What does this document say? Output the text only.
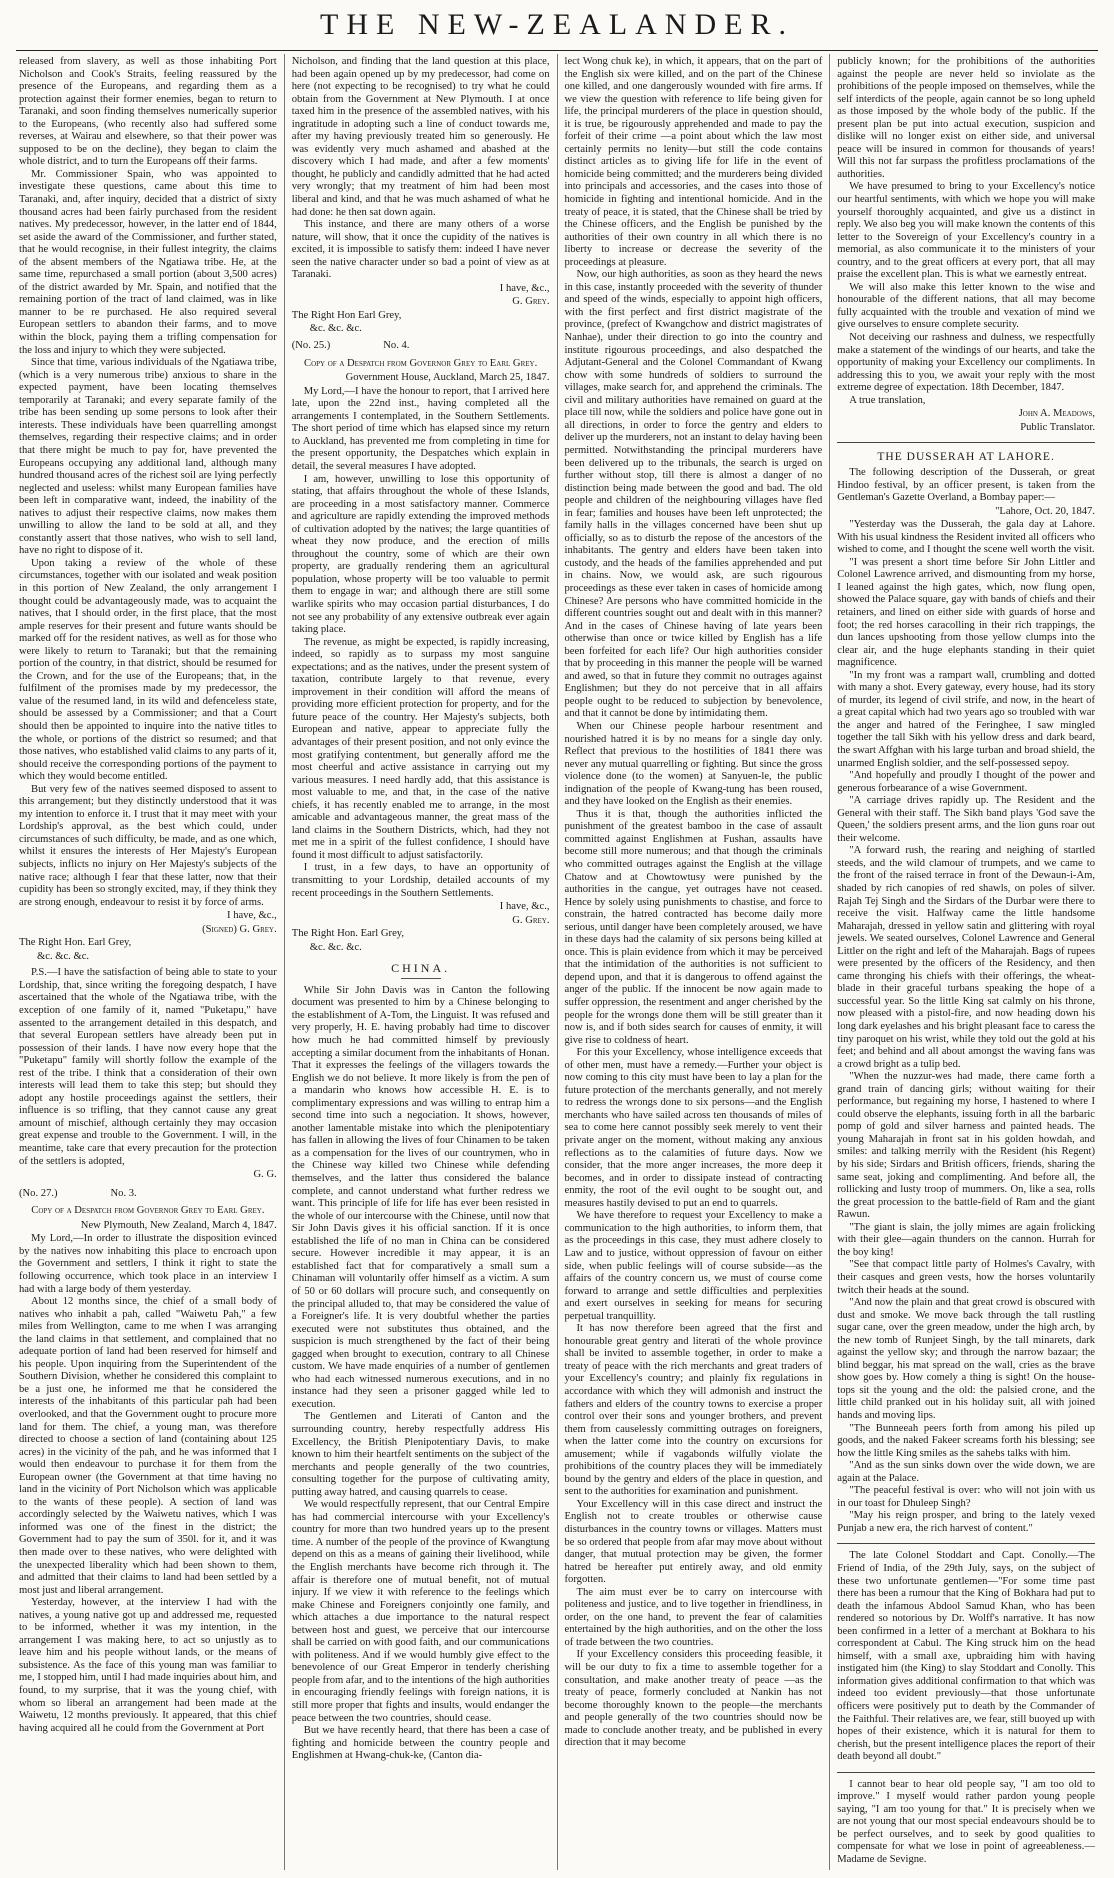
THE NEW-ZEALANDER.

released from slavery, as well as those inhabiting Port Nicholson and Cook's Straits, feeling reassured by the presence of the Europeans, and regarding them as a protection against their former enemies, began to return to Taranaki, and soon finding themselves numerically superior to the Europeans, (who recently also had suffered some reverses, at Wairau and elsewhere, so that their power was supposed to be on the decline), they began to claim the whole district, and to turn the Europeans off their farms.

Mr. Commissioner Spain, who was appointed to investigate these questions, came about this time to Taranaki, and, after inquiry, decided that a district of sixty thousand acres had been fairly purchased from the resident natives. My predecessor, however, in the latter end of 1844, set aside the award of the Commissioner, and further stated, that he would recognise, in their fullest integrity, the claims of the absent members of the Ngatiawa tribe. He, at the same time, repurchased a small portion (about 3,500 acres) of the district awarded by Mr. Spain, and notified that the remaining portion of the tract of land claimed, was in like manner to be re purchased. He also required several European settlers to abandon their farms, and to move within the block, paying them a trifling compensation for the loss and injury to which they were subjected.

Since that time, various individuals of the Ngatiawa tribe, (which is a very numerous tribe) anxious to share in the expected payment, have been locating themselves temporarily at Taranaki; and every separate family of the tribe has been sending up some persons to look after their interests. These individuals have been quarrelling amongst themselves, regarding their respective claims; and in order that there might be much to pay for, have prevented the Europeans occupying any additional land, although many hundred thousand acres of the richest soil are lying perfectly neglected and useless: whilst many European families have been left in comparative want, indeed, the inability of the natives to adjust their respective claims, now makes them unwilling to allow the land to be sold at all, and they constantly assert that those natives, who wish to sell land, have no right to dispose of it.

Upon taking a review of the whole of these circumstances, together with our isolated and weak position in this portion of New Zealand, the only arrangement I thought could be advantageously made, was to acquaint the natives, that I should order, in the first place, that the most ample reserves for their present and future wants should be marked off for the resident natives, as well as for those who were likely to return to Taranaki; but that the remaining portion of the country, in that district, should be resumed for the Crown, and for the use of the Europeans; that, in the fulfilment of the promises made by my predecessor, the value of the resumed land, in its wild and defenceless state, should be assessed by a Commissioner; and that a Court should then be appointed to inquire into the native titles to the whole, or portions of the district so resumed; and that those natives, who established valid claims to any parts of it, should receive the corresponding portions of the payment to which they would become entitled.

But very few of the natives seemed disposed to assent to this arrangement; but they distinctly understood that it was my intention to enforce it. I trust that it may meet with your Lordship's approval, as the best which could, under circumstances of such difficulty, be made, and as one which, whilst it ensures the interests of Her Majesty's European subjects, inflicts no injury on Her Majesty's subjects of the native race; although I fear that these latter, now that their cupidity has been so strongly excited, may, if they think they are strong enough, endeavour to resist it by force of arms.

I have, &c.,
(Signed) G. Grey.
The Right Hon. Earl Grey,
&c. &c. &c.

P.S.—I have the satisfaction of being able to state to your Lordship, that, since writing the foregoing despatch, I have ascertained that the whole of the Ngatiawa tribe, with the exception of one family of it, named "Puketapu," have assented to the arrangement detailed in this despatch, and that several European settlers have already been put in possession of their lands. I have now every hope that the "Puketapu" family will shortly follow the example of the rest of the tribe. I think that a consideration of their own interests will lead them to take this step; but should they adopt any hostile proceedings against the settlers, their influence is so trifling, that they cannot cause any great amount of mischief, although certainly they may occasion great expense and trouble to the Government. I will, in the meantime, take care that every precaution for the protection of the settlers is adopted,

G. G.
(No. 27.)                    No. 3.
Copy of a Despatch from Governor Grey to Earl Grey.
New Plymouth, New Zealand, March 4, 1847.

My Lord,—In order to illustrate the disposition evinced by the natives now inhabiting this place to encroach upon the Government and settlers, I think it right to state the following occurrence, which took place in an interview I had with a large body of them yesterday.

About 12 months since, the chief of a small body of natives who inhabit a pah, called "Waiwetu Pah," a few miles from Wellington, came to me when I was arranging the land claims in that settlement, and complained that no adequate portion of land had been reserved for himself and his people. Upon inquiring from the Superintendent of the Southern Division, whether he considered this complaint to be a just one, he informed me that he considered the interests of the inhabitants of this particular pah had been overlooked, and that the Government ought to procure more land for them. The chief, a young man, was therefore directed to choose a section of land (containing about 125 acres) in the vicinity of the pah, and he was informed that I would then endeavour to purchase it for them from the European owner (the Government at that time having no land in the vicinity of Port Nicholson which was applicable to the wants of these people). A section of land was accordingly selected by the Waiwetu natives, which I was informed was one of the finest in the district; the Government had to pay the sum of 350l. for it, and it was then made over to these natives, who were delighted with the unexpected liberality which had been shown to them, and admitted that their claims to land had been settled by a most just and liberal arrangement.

Yesterday, however, at the interview I had with the natives, a young native got up and addressed me, requested to be informed, whether it was my intention, in the arrangement I was making here, to act so unjustly as to leave him and his people without lands, or the means of subsistence. As the face of this young man was familiar to me, I stopped him, until I had made inquiries about him, and found, to my surprise, that it was the young chief, with whom so liberal an arrangement had been made at the Waiwetu, 12 months previously. It appeared, that this chief having acquired all he could from the Government at Port

Nicholson, and finding that the land question at this place, had been again opened up by my predecessor, had come on here (not expecting to be recognised) to try what he could obtain from the Government at New Plymouth. I at once taxed him in the presence of the assembled natives, with his ingratitude in adopting such a line of conduct towards me, after my having previously treated him so generously. He was evidently very much ashamed and abashed at the discovery which I had made, and after a few moments' thought, he publicly and candidly admitted that he had acted very wrongly; that my treatment of him had been most liberal and kind, and that he was much ashamed of what he had done: he then sat down again.

This instance, and there are many others of a worse nature, will show, that it once the cupidity of the natives is excited, it is impossible to satisfy them: indeed I have never seen the native character under so bad a point of view as at Taranaki.

I have, &c.,
G. Grey.
The Right Hon Earl Grey,
&c. &c. &c.
(No. 25.)                    No. 4.
Copy of a Despatch from Governor Grey to Earl Grey.
Government House, Auckland, March 25, 1847.

My Lord,—I have the honour to report, that I arrived here late, upon the 22nd inst., having completed all the arrangements I contemplated, in the Southern Settlements. The short period of time which has elapsed since my return to Auckland, has prevented me from completing in time for the present opportunity, the Despatches which explain in detail, the several measures I have adopted.

I am, however, unwilling to lose this opportunity of stating, that affairs throughout the whole of these Islands, are proceeding in a most satisfactory manner. Commerce and agriculture are rapidly extending the improved methods of cultivation adopted by the natives; the large quantities of wheat they now produce, and the erection of mills throughout the country, some of which are their own property, are gradually rendering them an agricultural population, whose property will be too valuable to permit them to engage in war; and although there are still some warlike spirits who may occasion partial disturbances, I do not see any probability of any extensive outbreak ever again taking place.

The revenue, as might be expected, is rapidly increasing, indeed, so rapidly as to surpass my most sanguine expectations; and as the natives, under the present system of taxation, contribute largely to that revenue, every improvement in their condition will afford the means of providing more efficient protection for property, and for the future peace of the country. Her Majesty's subjects, both European and native, appear to appreciate fully the advantages of their present position, and not only evince the most gratifying contentment, but generally afford me the most cheerful and active assistance in carrying out my various measures. I need hardly add, that this assistance is most valuable to me, and that, in the case of the native chiefs, it has recently enabled me to arrange, in the most amicable and advantageous manner, the great mass of the land claims in the Southern Districts, which, had they not met me in a spirit of the fullest confidence, I should have found it most difficult to adjust satisfactorily.

I trust, in a few days, to have an opportunity of transmitting to your Lordship, detailed accounts of my recent proceedings in the Southern Settlements.

I have, &c.,
G. Grey.
The Right Hon. Earl Grey,
&c. &c. &c.
CHINA.

While Sir John Davis was in Canton the following document was presented to him by a Chinese belonging to the establishment of A-Tom, the Linguist. It was refused and very properly, H. E. having probably had time to discover how much he had committed himself by previously accepting a similar document from the inhabitants of Honan. That it expresses the feelings of the villagers towards the English we do not believe. It more likely is from the pen of a mandarin who knows how accessible H. E. is to complimentary expressions and was willing to entrap him a second time into such a negociation. It shows, however, another lamentable mistake into which the plenipotentiary has fallen in allowing the lives of four Chinamen to be taken as a compensation for the lives of our countrymen, who in the Chinese way killed two Chinese while defending themselves, and the latter thus considered the balance complete, and cannot understand what further redress we want. This principle of life for life has ever been resisted in the whole of our intercourse with the Chinese, until now that Sir John Davis gives it his official sanction. If it is once established the life of no man in China can be considered secure. However incredible it may appear, it is an established fact that for comparatively a small sum a Chinaman will voluntarily offer himself as a victim. A sum of 50 or 60 dollars will procure such, and consequently on the principal alluded to, that may be considered the value of a Foreigner's life. It is very doubtful whether the parties executed were not substitutes thus obtained, and the suspicion is much strengthened by the fact of their being gagged when brought to execution, contrary to all Chinese custom. We have made enquiries of a number of gentlemen who had each witnessed numerous executions, and in no instance had they seen a prisoner gagged while led to execution.

The Gentlemen and Literati of Canton and the surrounding country, hereby respectfully address His Excellency, the British Plenipotentiary Davis, to make known to him their heartfelt sentiments on the subject of the merchants and people generally of the two countries, consulting together for the purpose of cultivating amity, putting away hatred, and causing quarrels to cease.

We would respectfully represent, that our Central Empire has had commercial intercourse with your Excellency's country for more than two hundred years up to the present time. A number of the people of the province of Kwangtung depend on this as a means of gaining their livelihood, while the English merchants have become rich through it. The affair is therefore one of mutual benefit, not of mutual injury. If we view it with reference to the feelings which make Chinese and Foreigners conjointly one family, and which attaches a due importance to the natural respect between host and guest, we perceive that our intercourse shall be carried on with good faith, and our communications with politeness. And if we would humbly give effect to the benevolence of our Great Emperor in tenderly cherishing people from afar, and to the intentions of the high authorities in encouraging friendly feelings with foreign nations, it is still more proper that fights and insults, would endanger the peace between the two countries, should cease.

But we have recently heard, that there has been a case of fighting and homicide between the country people and Englishmen at Hwang-chuk-ke, (Canton dia-

lect Wong chuk ke), in which, it appears, that on the part of the English six were killed, and on the part of the Chinese one killed, and one dangerously wounded with fire arms. If we view the question with reference to life being given for life, the principal murderers of the place in question should, it is true, be rigourously apprehended and made to pay the forfeit of their crime —a point about which the law most certainly permits no lenity—but still the code contains distinct articles as to giving life for life in the event of homicide being committed; and the murderers being divided into principals and accessories, and the cases into those of homicide in fighting and intentional homicide. And in the treaty of peace, it is stated, that the Chinese shall be tried by the Chinese officers, and the English be punished by the authorities of their own country in all which there is no liberty to increase or decrease the severity of the proceedings at pleasure.

Now, our high authorities, as soon as they heard the news in this case, instantly proceeded with the severity of thunder and speed of the winds, especially to appoint high officers, with the first perfect and first district magistrate of the province, (prefect of Kwangchow and district magistrates of Nanhae), under their direction to go into the country and institute rigourous proceedings, and also despatched the Adjutant-General and the Colonel Commandant of Kwang chow with some hundreds of soldiers to surround the villages, make search for, and apprehend the criminals. The civil and military authorities have remained on guard at the place till now, while the soldiers and police have gone out in all directions, in order to force the gentry and elders to deliver up the murderers, not an instant to delay having been permitted. Notwithstanding the principal murderers have been delivered up to the tribunals, the search is urged on further without stop, till there is almost a danger of no distinction being made between the good and bad. The old people and children of the neighbouring villages have fled in fear; families and houses have been left unprotected; the family halls in the villages concerned have been shut up officially, so as to disturb the repose of the ancestors of the inhabitants. The gentry and elders have been taken into custody, and the heads of the families apprehended and put in chains. Now, we would ask, are such rigourous proceedings as these ever taken in cases of homicide among Chinese? Are persons who have committed homicide in the different countries sought out and dealt with in this manner? And in the cases of Chinese having of late years been otherwise than once or twice killed by English has a life been forfeited for each life? Our high authorities consider that by proceeding in this manner the people will be warned and awed, so that in future they commit no outrages against Englishmen; but they do not perceive that in all affairs people ought to be reduced to subjection by benevolence, and that it cannot be done by intimidating them.

When our Chinese people harbour resentment and nourished hatred it is by no means for a single day only. Reflect that previous to the hostilities of 1841 there was never any mutual quarrelling or fighting. But since the gross violence done (to the women) at Sanyuen-le, the public indignation of the people of Kwang-tung has been roused, and they have looked on the English as their enemies.

Thus it is that, though the authorities inflicted the punishment of the greatest bamboo in the case of assault committed against Englishmen at Fushan, assaults have become still more numerous; and that though the criminals who committed outrages against the English at the village Chatow and at Chowtowtusy were punished by the authorities in the cangue, yet outrages have not ceased. Hence by solely using punishments to chastise, and force to constrain, the hatred contracted has become daily more serious, until danger have been completely aroused, we have in these days had the calamity of six persons being killed at once. This is plain evidence from which it may be perceived that the intimidation of the authorities is not sufficient to depend upon, and that it is dangerous to offend against the anger of the public. If the innocent be now again made to suffer oppression, the resentment and anger cherished by the people for the wrongs done them will be still greater than it now is, and if both sides search for causes of enmity, it will give rise to coldness of heart.

For this your Excellency, whose intelligence exceeds that of other men, must have a remedy.—Further your object is now coming to this city must have been to lay a plan for the future protection of the merchants generally, and not merely to redress the wrongs done to six persons—and the English merchants who have sailed across ten thousands of miles of sea to come here cannot possibly seek merely to vent their private anger on the moment, without making any anxious reflections as to the calamities of future days. Now we consider, that the more anger increases, the more deep it becomes, and in order to dissipate instead of contracting enmity, the root of the evil ought to be sought out, and measures hastily devised to put an end to quarrels.

We have therefore to request your Excellency to make a communication to the high authorities, to inform them, that as the proceedings in this case, they must adhere closely to Law and to justice, without oppression of favour on either side, when public feelings will of course subside—as the affairs of the country concern us, we must of course come forward to arrange and settle difficulties and perplexities and exert ourselves in seeking for means for securing perpetual tranquillity.

It has now therefore been agreed that the first and honourable great gentry and literati of the whole province shall be invited to assemble together, in order to make a treaty of peace with the rich merchants and great traders of your Excellency's country; and plainly fix regulations in accordance with which they will admonish and instruct the fathers and elders of the country towns to exercise a proper control over their sons and younger brothers, and prevent them from causelessly committing outrages on foreigners, when the latter come into the country on excursions for amusement; while if vagabonds wilfully violate the prohibitions of the country places they will be immediately bound by the gentry and elders of the place in question, and sent to the authorities for examination and punishment.

Your Excellency will in this case direct and instruct the English not to create troubles or otherwise cause disturbances in the country towns or villages. Matters must be so ordered that people from afar may move about without danger, that mutual protection may be given, the former hatred be hereafter put entirely away, and old enmity forgotten.

The aim must ever be to carry on intercourse with politeness and justice, and to live together in friendliness, in order, on the one hand, to prevent the fear of calamities entertained by the high authorities, and on the other the loss of trade between the two countries.

If your Excellency considers this proceeding feasible, it will be our duty to fix a time to assemble together for a consultation, and make another treaty of peace —as the treaty of peace, formerly concluded at Nankin has not become thoroughly known to the people—the merchants and people generally of the two countries should now be made to conclude another treaty, and be published in every direction that it may become

publicly known; for the prohibitions of the authorities against the people are never held so inviolate as the prohibitions of the people imposed on themselves, while the self interdicts of the people, again cannot be so long upheld as those imposed by the whole body of the public. If the present plan be put into actual execution, suspicion and dislike will no longer exist on either side, and universal peace will be insured in common for thousands of years! Will this not far surpass the profitless proclamations of the authorities.

We have presumed to bring to your Excellency's notice our heartful sentiments, with which we hope you will make yourself thoroughly acquainted, and give us a distinct in reply. We also beg you will make known the contents of this letter to the Sovereign of your Excellency's country in a memorial, as also communicate it to the ministers of your country, and to the great officers at every port, that all may praise the excellent plan. This is what we earnestly entreat.

We will also make this letter known to the wise and honourable of the different nations, that all may become fully acquainted with the trouble and vexation of mind we give ourselves to ensure complete security.

Not deceiving our rashness and dulness, we respectfully make a statement of the windings of our hearts, and take the opportunity of making your Excellency our compliments. In addressing this to you, we await your reply with the most extreme degree of expectation. 18th December, 1847.

A true translation,

John A. Meadows,
Public Translator.
THE DUSSERAH AT LAHORE.

The following description of the Dusserah, or great Hindoo festival, by an officer present, is taken from the Gentleman's Gazette Overland, a Bombay paper:—

"Lahore, Oct. 20, 1847.

"Yesterday was the Dusserah, the gala day at Lahore. With his usual kindness the Resident invited all officers who wished to come, and I thought the scene well worth the visit.

"I was present a short time before Sir John Littler and Colonel Lawrence arrived, and dismounting from my horse, I leaned against the high gates, which, now flung open, showed the Palace square, gay with bands of chiefs and their retainers, and lined on either side with guards of horse and foot; the red horses caracolling in their rich trappings, the dun lances upshooting from those yellow clumps into the clear air, and the huge elephants standing in their quiet magnificence.

"In my front was a rampart wall, crumbling and dotted with many a shot. Every gateway, every house, had its story of murder, its legend of civil strife, and now, in the heart of a great capital which had two years ago so troubled with war the anger and hatred of the Feringhee, I saw mingled together the tall Sikh with his yellow dress and dark beard, the swart Affghan with his large turban and broad shield, the unarmed English soldier, and the self-possessed sepoy.

"And hopefully and proudly I thought of the power and generous forbearance of a wise Government.

"A carriage drives rapidly up. The Resident and the General with their staff. The Sikh band plays 'God save the Queen,' the soldiers present arms, and the lion guns roar out their welcome.

"A forward rush, the rearing and neighing of startled steeds, and the wild clamour of trumpets, and we came to the front of the raised terrace in front of the Dewaun-i-Am, shaded by rich canopies of red shawls, on poles of silver. Rajah Tej Singh and the Sirdars of the Durbar were there to receive the visit. Halfway came the little handsome Maharajah, dressed in yellow satin and glittering with royal jewels. We seated ourselves, Colonel Lawrence and General Littler on the right and left of the Maharajah. Bags of rupees were presented by the officers of the Residency, and then came thronging his chiefs with their offerings, the wheat-blade in their graceful turbans speaking the hope of a successful year. So the little King sat calmly on his throne, now pleased with a pistol-fire, and now heading down his long dark eyelashes and his bright pleasant face to caress the tiny paroquet on his wrist, while they told out the gold at his feet; and behind and all about amongst the waving fans was a crowd bright as a tulip bed.

"When the nuzzur-wes had made, there came forth a grand train of dancing girls; without waiting for their performance, but regaining my horse, I hastened to where I could observe the elephants, issuing forth in all the barbaric pomp of gold and silver harness and painted heads. The young Maharajah in front sat in his golden howdah, and smiles: and talking merrily with the Resident (his Regent) by his side; Sirdars and British officers, friends, sharing the same seat, joking and complimenting. And before all, the rollicking and lusty troop of mummers. On, like a sea, rolls the great procession to the battle-field of Ram and the giant Rawun.

"The giant is slain, the jolly mimes are again frolicking with their glee—again thunders on the cannon. Hurrah for the boy king!

"See that compact little party of Holmes's Cavalry, with their casques and green vests, how the horses voluntarily twitch their heads at the sound.

"And now the plain and that great crowd is obscured with dust and smoke. We move back through the tall rustling sugar cane, over the green meadow, under the high arch, by the new tomb of Runjeet Singh, by the tall minarets, dark against the yellow sky; and through the narrow bazaar; the blind beggar, his mat spread on the wall, cries as the brave show goes by. How comely a thing is sight! On the house-tops sit the young and the old: the palsied crone, and the little child pranked out in his holiday suit, all with joined hands and moving lips.

"The Bunneeah peers forth from among his piled up goods, and the naked Fakeer screams forth his blessing; see how the little King smiles as the sahebs talks with him.

"And as the sun sinks down over the wide down, we are again at the Palace.

"The peaceful festival is over: who will not join with us in our toast for Dhuleep Singh?

"May his reign prosper, and bring to the lately vexed Punjab a new era, the rich harvest of content."

The late Colonel Stoddart and Capt. Conolly.—The Friend of India, of the 29th July, says, on the subject of these two unfortunate gentlemen—"For some time past there has been a rumour that the King of Bokhara had put to death the infamous Abdool Samud Khan, who has been rendered so notorious by Dr. Wolff's narrative. It has now been confirmed in a letter of a merchant at Bokhara to his correspondent at Cabul. The King struck him on the head himself, with a small axe, upbraiding him with having instigated him (the King) to slay Stoddart and Conolly. This information gives additional confirmation to that which was indeed too evident previously—that those unfortunate officers were positively put to death by the Commander of the Faithful. Their relatives are, we fear, still buoyed up with hopes of their existence, which it is natural for them to cherish, but the present intelligence places the report of their death beyond all doubt."

I cannot bear to hear old people say, "I am too old to improve." I myself would rather pardon young people saying, "I am too young for that." It is precisely when we are not young that our most special endeavours should be to be perfect ourselves, and to seek by good qualities to compensate for what we lose in point of agreeableness.—Madame de Sevigne.
